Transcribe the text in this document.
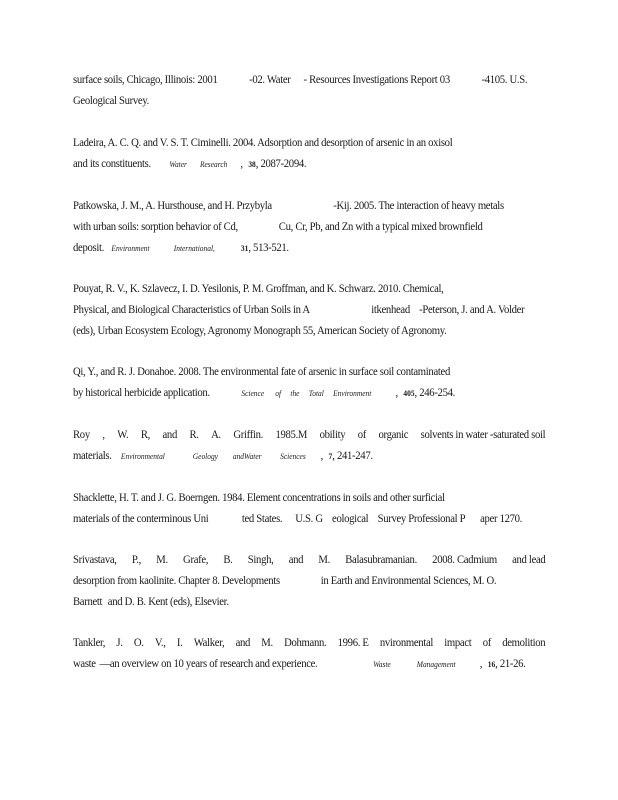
surface soils, Chicago, Illinois: 2001	-02. Water - Resources Investigations Report 03	-4105. U.S.
Geological Survey.
Ladeira, A. C. Q. and V. S. T. Ciminelli. 2004. Adsorption and desorption of arsenic in an oxisol
and its constituents. Water Research , 38, 2087-2094.
Patkowska, J. M., A. Hursthouse, and H. Przybyla	-Kij. 2005. The interaction of heavy metals
with urban soils: sorption behavior of Cd,	Cu, Cr, Pb, and Zn with a typical mixed brownfield
deposit. Environment	International,	31, 513-521.
Pouyat, R. V., K. Szlavecz, I. D. Yesilonis, P. M. Groffman, and K. Schwarz. 2010. Chemical,
Physical, and Biological Characteristics of Urban Soils in A	itkenhead -Peterson, J. and A. Volder
(eds), Urban Ecosystem Ecology, Agronomy Monograph 55, American Society of Agronomy.
Qi, Y., and R. J. Donahoe. 2008. The environmental fate of arsenic in surface soil contaminated
by historical herbicide application.	Science of the Total Environment , 405, 246-254.
Roy , W. R, and R. A. Griffin. 1985.M obility of organic solvents in water -saturated soil
materials. Environmental	Geology andWater Sciences , 7, 241-247.
Shacklette, H. T. and J. G. Boerngen. 1984. Element concentrations in soils and other surficial
materials of the conterminous Uni	ted States. U.S. G eological Survey Professional P aper 1270.
Srivastava, P., M. Grafe, B. Singh, and M. Balasubramanian. 2008. Cadmium and lead
desorption from kaolinite. Chapter 8. Developments	in Earth and Environmental Sciences, M. O.
Barnett and D. B. Kent (eds), Elsevier.
Tankler, J. O. V., I. Walker, and M. Dohmann. 1996. E nvironmental impact of demolition
waste —an overview on 10 years of research and experience.	Waste	Management , 16, 21-26.
